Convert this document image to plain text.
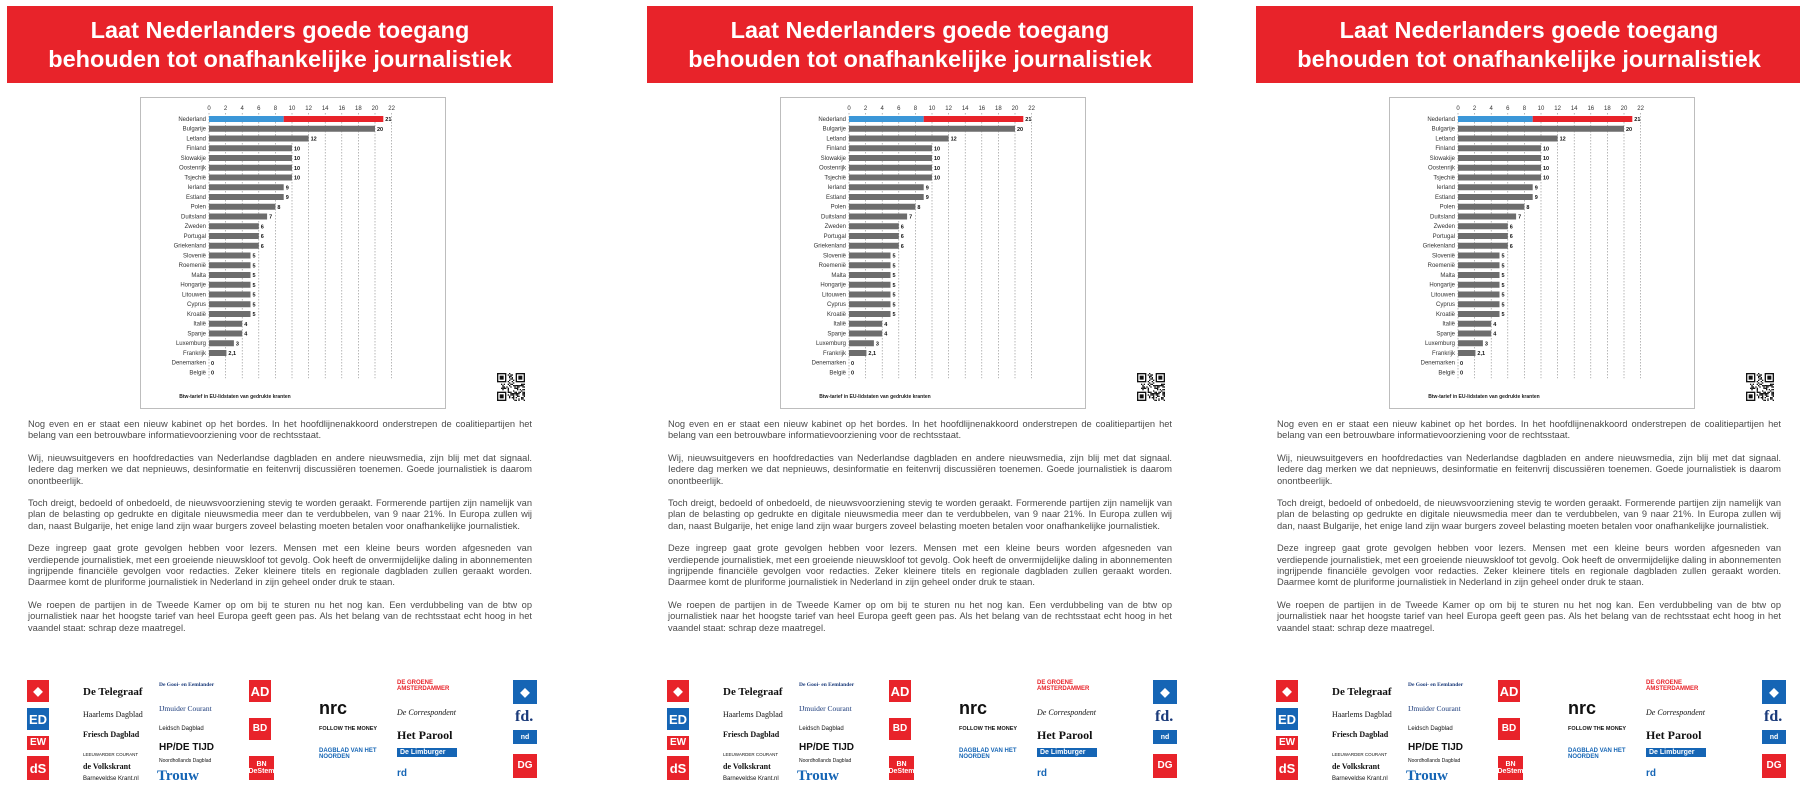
Laat Nederlanders goede toegang
behouden tot onafhankelijke journalistiek
0 2 4 6 8 10 12 14 16 18 20 22
Nederland	21
Bulgarije	20
Letland	12
Finland	10
Slowakije	10
Oostenrijk	10
Tsjechië	10
Ierland	9
Estland	9
Polen	8
Duitsland	7
Zweden	6
Portugal	6
Griekenland	6
Slovenië	5
Roemenië	5
Malta	5
Hongarije	5
Litouwen	5
Cyprus	5
Kroatië	5
Italië	4
Spanje	4
Luxemburg	3
Frankrijk	2,1
Denemarken 0
België 0
Btw-tarief in EU-lidstaten van gedrukte kranten

Nog even en er staat een nieuw kabinet op het bordes. In het hoofdlijnenakkoord onderstrepen de coalitiepartijen het belang van een betrouwbare informatievoorziening voor de rechtsstaat.

Wij, nieuwsuitgevers en hoofdredacties van Nederlandse dagbladen en andere nieuwsmedia, zijn blij met dat signaal. Iedere dag merken we dat nepnieuws, desinformatie en feitenvrij discussiëren toenemen. Goede journalistiek is daarom onontbeerlijk.

Toch dreigt, bedoeld of onbedoeld, de nieuwsvoorziening stevig te worden geraakt. Formerende partijen zijn namelijk van plan de belasting op gedrukte en digitale nieuwsmedia meer dan te verdubbelen, van 9 naar 21%. In Europa zullen wij dan, naast Bulgarije, het enige land zijn waar burgers zoveel belasting moeten betalen voor onafhankelijke journalistiek.

Deze ingreep gaat grote gevolgen hebben voor lezers. Mensen met een kleine beurs worden afgesneden van verdiepende journalistiek, met een groeiende nieuwskloof tot gevolg. Ook heeft de onvermijdelijke daling in abonnementen ingrijpende financiële gevolgen voor redacties. Zeker kleinere titels en regionale dagbladen zullen geraakt worden. Daarmee komt de pluriforme journalistiek in Nederland in zijn geheel onder druk te staan.

We roepen de partijen in de Tweede Kamer op om bij te sturen nu het nog kan. Een verdubbeling van de btw op journalistiek naar het hoogste tarief van heel Europa geeft geen pas. Als het belang van de rechtsstaat echt hoog in het vaandel staat: schrap deze maatregel.

◆
ED
EW
dS
AD
BD
BN DeStem
◆
nd
DG
De Telegraaf
Haarlems Dagblad
Friesch Dagblad
LEEUWARDER COURANT
de Volkskrant
Barneveldse Krant.nl
De Gooi- en Eemlander
IJmuider Courant
Leidsch Dagblad
HP/DE TIJD
Noordhollands Dagblad
Trouw
nrc
FOLLOW THE MONEY
DAGBLAD VAN HET NOORDEN
DE GROENE AMSTERDAMMER
De Correspondent
Het Parool
De Limburger
rd
fd.
Laat Nederlanders goede toegang
behouden tot onafhankelijke journalistiek
0 2 4 6 8 10 12 14 16 18 20 22
Nederland	21
Bulgarije	20
Letland	12
Finland	10
Slowakije	10
Oostenrijk	10
Tsjechië	10
Ierland	9
Estland	9
Polen	8
Duitsland	7
Zweden	6
Portugal	6
Griekenland	6
Slovenië	5
Roemenië	5
Malta	5
Hongarije	5
Litouwen	5
Cyprus	5
Kroatië	5
Italië	4
Spanje	4
Luxemburg	3
Frankrijk	2,1
Denemarken 0
België 0
Btw-tarief in EU-lidstaten van gedrukte kranten

Nog even en er staat een nieuw kabinet op het bordes. In het hoofdlijnenakkoord onderstrepen de coalitiepartijen het belang van een betrouwbare informatievoorziening voor de rechtsstaat.

Wij, nieuwsuitgevers en hoofdredacties van Nederlandse dagbladen en andere nieuwsmedia, zijn blij met dat signaal. Iedere dag merken we dat nepnieuws, desinformatie en feitenvrij discussiëren toenemen. Goede journalistiek is daarom onontbeerlijk.

Toch dreigt, bedoeld of onbedoeld, de nieuwsvoorziening stevig te worden geraakt. Formerende partijen zijn namelijk van plan de belasting op gedrukte en digitale nieuwsmedia meer dan te verdubbelen, van 9 naar 21%. In Europa zullen wij dan, naast Bulgarije, het enige land zijn waar burgers zoveel belasting moeten betalen voor onafhankelijke journalistiek.

Deze ingreep gaat grote gevolgen hebben voor lezers. Mensen met een kleine beurs worden afgesneden van verdiepende journalistiek, met een groeiende nieuwskloof tot gevolg. Ook heeft de onvermijdelijke daling in abonnementen ingrijpende financiële gevolgen voor redacties. Zeker kleinere titels en regionale dagbladen zullen geraakt worden. Daarmee komt de pluriforme journalistiek in Nederland in zijn geheel onder druk te staan.

We roepen de partijen in de Tweede Kamer op om bij te sturen nu het nog kan. Een verdubbeling van de btw op journalistiek naar het hoogste tarief van heel Europa geeft geen pas. Als het belang van de rechtsstaat echt hoog in het vaandel staat: schrap deze maatregel.

◆
ED
EW
dS
AD
BD
BN DeStem
◆
nd
DG
De Telegraaf
Haarlems Dagblad
Friesch Dagblad
LEEUWARDER COURANT
de Volkskrant
Barneveldse Krant.nl
De Gooi- en Eemlander
IJmuider Courant
Leidsch Dagblad
HP/DE TIJD
Noordhollands Dagblad
Trouw
nrc
FOLLOW THE MONEY
DAGBLAD VAN HET NOORDEN
DE GROENE AMSTERDAMMER
De Correspondent
Het Parool
De Limburger
rd
fd.
Laat Nederlanders goede toegang
behouden tot onafhankelijke journalistiek
0 2 4 6 8 10 12 14 16 18 20 22
Nederland	21
Bulgarije	20
Letland	12
Finland	10
Slowakije	10
Oostenrijk	10
Tsjechië	10
Ierland	9
Estland	9
Polen	8
Duitsland	7
Zweden	6
Portugal	6
Griekenland	6
Slovenië	5
Roemenië	5
Malta	5
Hongarije	5
Litouwen	5
Cyprus	5
Kroatië	5
Italië	4
Spanje	4
Luxemburg	3
Frankrijk	2,1
Denemarken 0
België 0
Btw-tarief in EU-lidstaten van gedrukte kranten

Nog even en er staat een nieuw kabinet op het bordes. In het hoofdlijnenakkoord onderstrepen de coalitiepartijen het belang van een betrouwbare informatievoorziening voor de rechtsstaat.

Wij, nieuwsuitgevers en hoofdredacties van Nederlandse dagbladen en andere nieuwsmedia, zijn blij met dat signaal. Iedere dag merken we dat nepnieuws, desinformatie en feitenvrij discussiëren toenemen. Goede journalistiek is daarom onontbeerlijk.

Toch dreigt, bedoeld of onbedoeld, de nieuwsvoorziening stevig te worden geraakt. Formerende partijen zijn namelijk van plan de belasting op gedrukte en digitale nieuwsmedia meer dan te verdubbelen, van 9 naar 21%. In Europa zullen wij dan, naast Bulgarije, het enige land zijn waar burgers zoveel belasting moeten betalen voor onafhankelijke journalistiek.

Deze ingreep gaat grote gevolgen hebben voor lezers. Mensen met een kleine beurs worden afgesneden van verdiepende journalistiek, met een groeiende nieuwskloof tot gevolg. Ook heeft de onvermijdelijke daling in abonnementen ingrijpende financiële gevolgen voor redacties. Zeker kleinere titels en regionale dagbladen zullen geraakt worden. Daarmee komt de pluriforme journalistiek in Nederland in zijn geheel onder druk te staan.

We roepen de partijen in de Tweede Kamer op om bij te sturen nu het nog kan. Een verdubbeling van de btw op journalistiek naar het hoogste tarief van heel Europa geeft geen pas. Als het belang van de rechtsstaat echt hoog in het vaandel staat: schrap deze maatregel.

◆
ED
EW
dS
AD
BD
BN DeStem
◆
nd
DG
De Telegraaf
Haarlems Dagblad
Friesch Dagblad
LEEUWARDER COURANT
de Volkskrant
Barneveldse Krant.nl
De Gooi- en Eemlander
IJmuider Courant
Leidsch Dagblad
HP/DE TIJD
Noordhollands Dagblad
Trouw
nrc
FOLLOW THE MONEY
DAGBLAD VAN HET NOORDEN
DE GROENE AMSTERDAMMER
De Correspondent
Het Parool
De Limburger
rd
fd.
